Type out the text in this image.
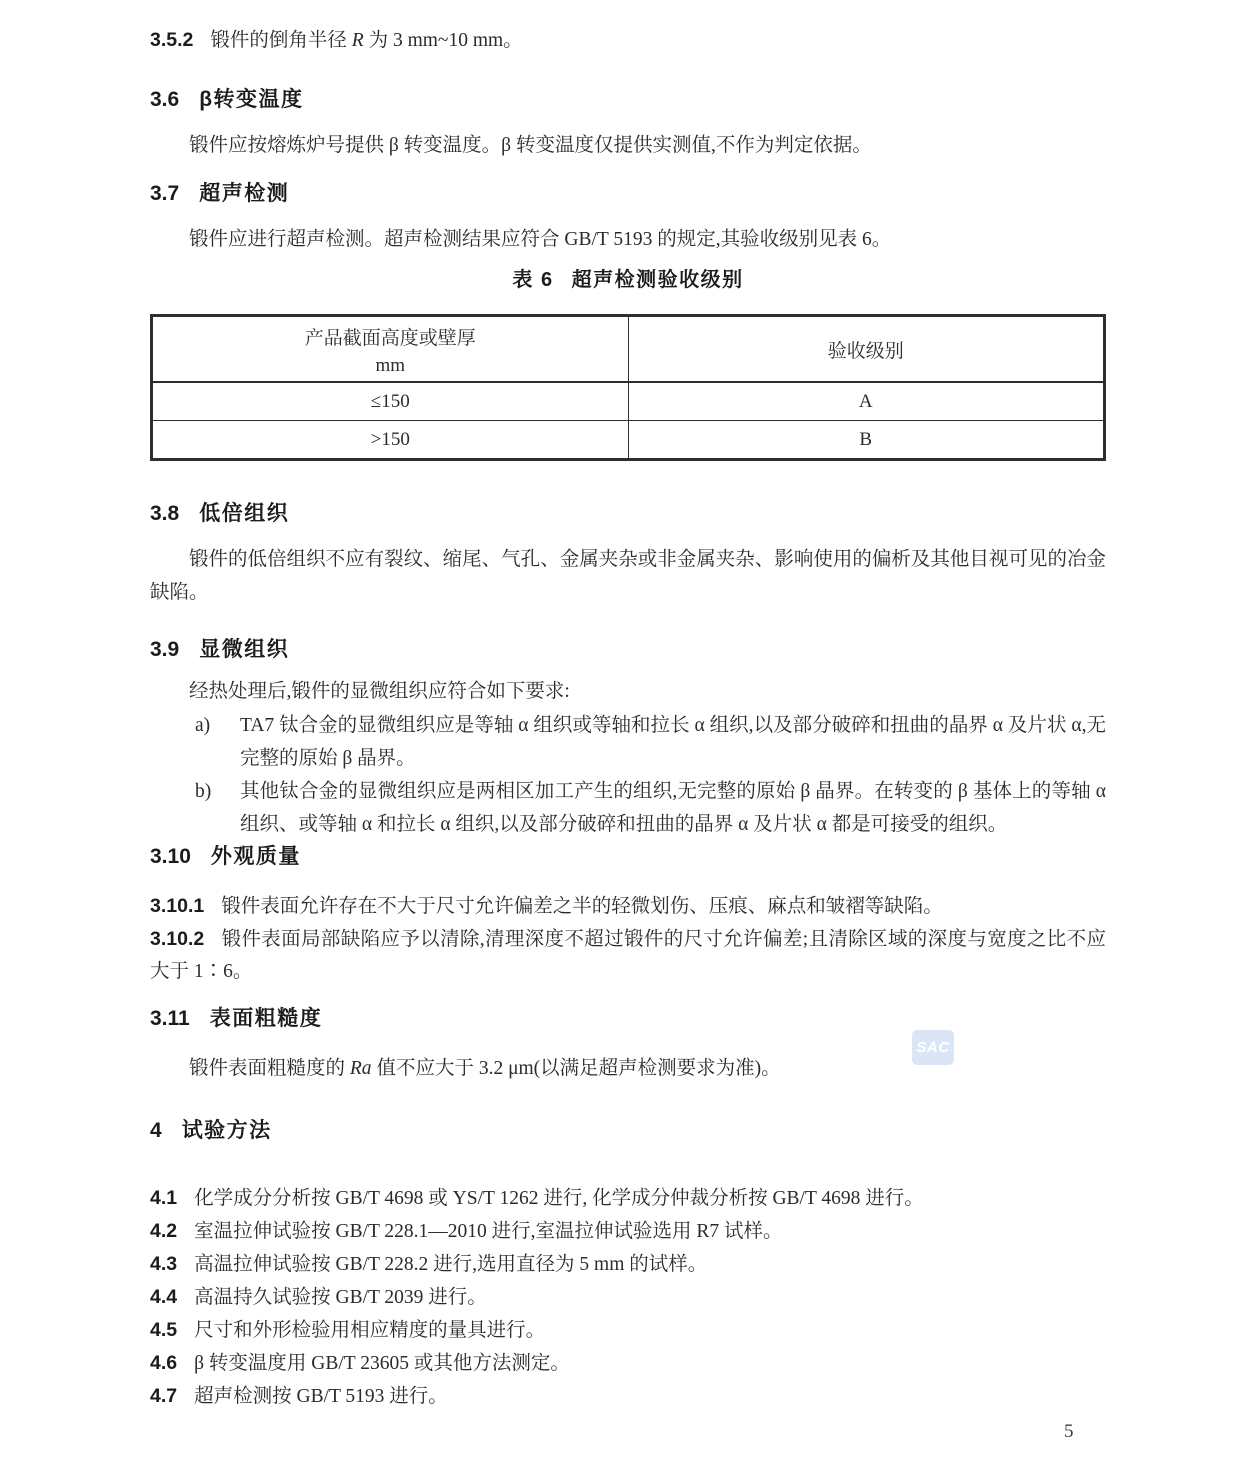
3.5.2 锻件的倒角半径 R 为 3 mm~10 mm。
3.6 β转变温度

锻件应按熔炼炉号提供 β 转变温度。β 转变温度仅提供实测值,不作为判定依据。

3.7 超声检测

锻件应进行超声检测。超声检测结果应符合 GB/T 5193 的规定,其验收级别见表 6。

表 6 超声检测验收级别
产品截面高度或壁厚
mm	验收级别
≤150	A
>150	B
3.8 低倍组织

锻件的低倍组织不应有裂纹、缩尾、气孔、金属夹杂或非金属夹杂、影响使用的偏析及其他目视可见的冶金缺陷。

3.9 显微组织

经热处理后,锻件的显微组织应符合如下要求:

a)	TA7 钛合金的显微组织应是等轴 α 组织或等轴和拉长 α 组织,以及部分破碎和扭曲的晶界 α 及片状 α,无完整的原始 β 晶界。
b)	其他钛合金的显微组织应是两相区加工产生的组织,无完整的原始 β 晶界。在转变的 β 基体上的等轴 α 组织、或等轴 α 和拉长 α 组织,以及部分破碎和扭曲的晶界 α 及片状 α 都是可接受的组织。
3.10 外观质量
3.10.1 锻件表面允许存在不大于尺寸允许偏差之半的轻微划伤、压痕、麻点和皱褶等缺陷。
3.10.2 锻件表面局部缺陷应予以清除,清理深度不超过锻件的尺寸允许偏差;且清除区域的深度与宽度之比不应大于 1∶6。
3.11 表面粗糙度

锻件表面粗糙度的 Ra 值不应大于 3.2 μm(以满足超声检测要求为准)。

4 试验方法
4.1 化学成分分析按 GB/T 4698 或 YS/T 1262 进行, 化学成分仲裁分析按 GB/T 4698 进行。
4.2 室温拉伸试验按 GB/T 228.1—2010 进行,室温拉伸试验选用 R7 试样。
4.3 高温拉伸试验按 GB/T 228.2 进行,选用直径为 5 mm 的试样。
4.4 高温持久试验按 GB/T 2039 进行。
4.5 尺寸和外形检验用相应精度的量具进行。
4.6 β 转变温度用 GB/T 23605 或其他方法测定。
4.7 超声检测按 GB/T 5193 进行。
SAC
5
